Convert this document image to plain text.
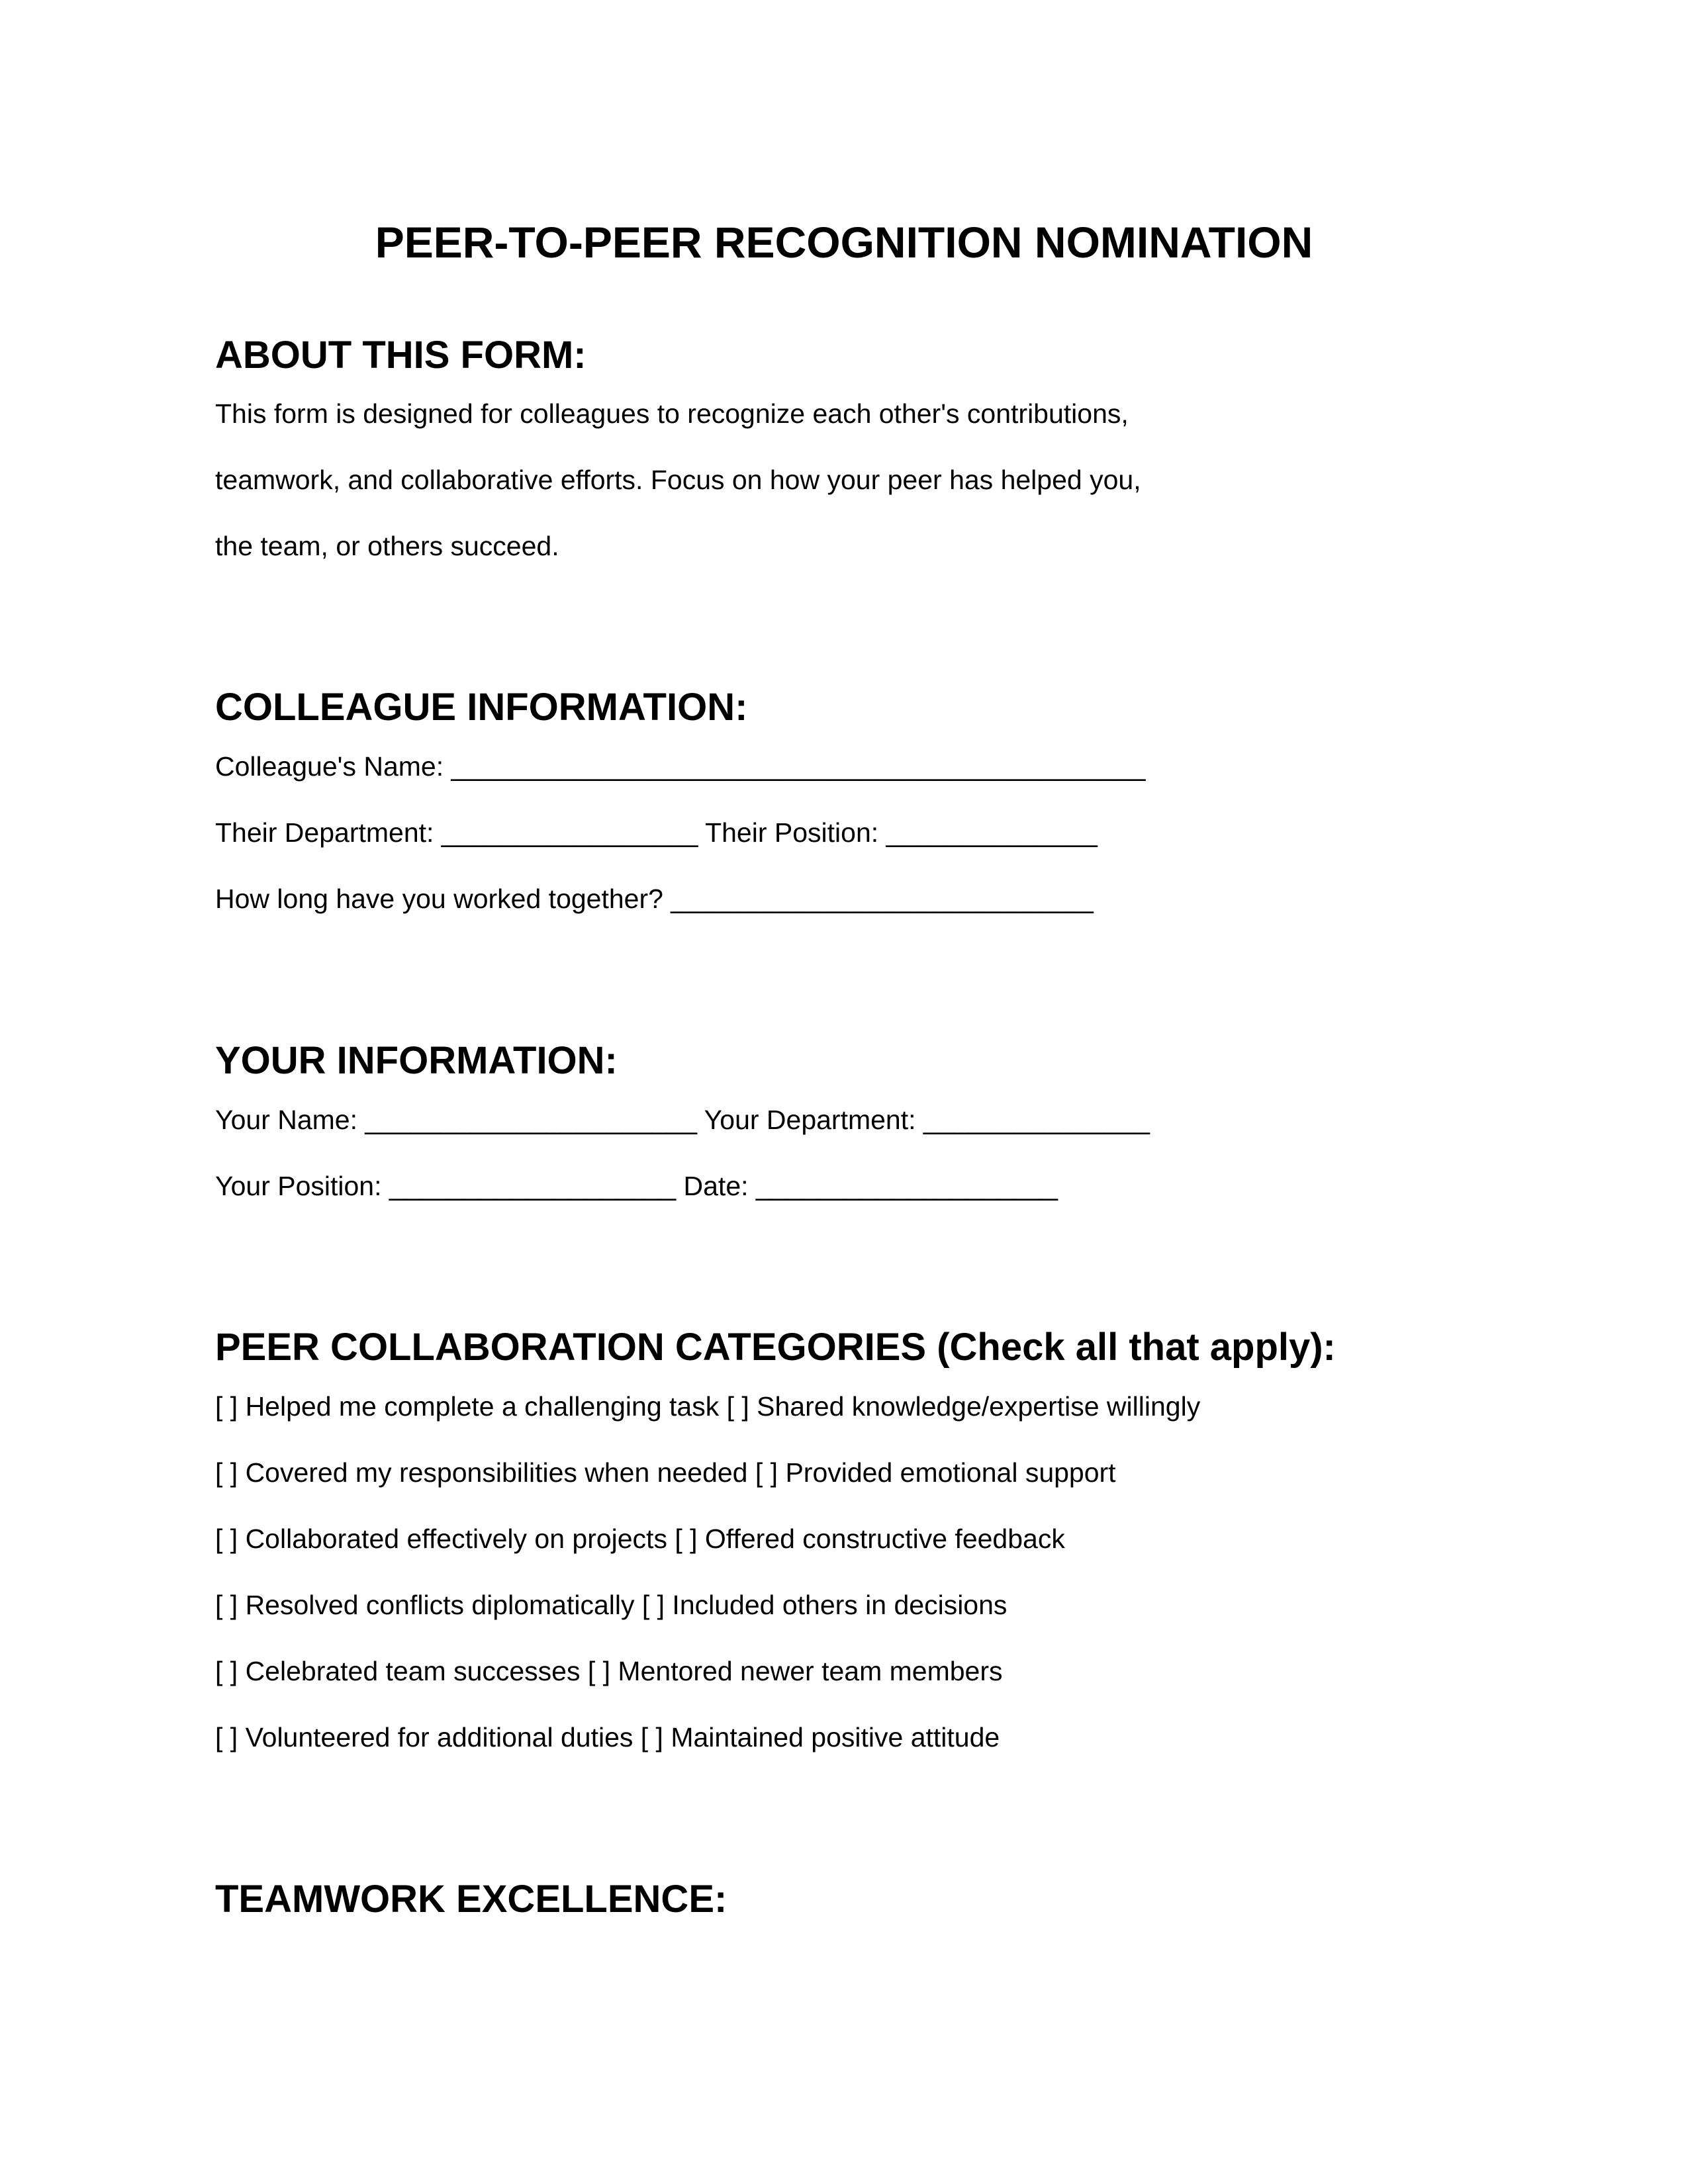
PEER-TO-PEER RECOGNITION NOMINATION
ABOUT THIS FORM:
This form is designed for colleagues to recognize each other's contributions,
teamwork, and collaborative efforts. Focus on how your peer has helped you,
the team, or others succeed.
COLLEAGUE INFORMATION:
Colleague's Name: ______________________________________________
Their Department: _________________ Their Position: ______________
How long have you worked together? ____________________________
YOUR INFORMATION:
Your Name: ______________________ Your Department: _______________
Your Position: ___________________ Date: ____________________
PEER COLLABORATION CATEGORIES (Check all that apply):
[ ] Helped me complete a challenging task [ ] Shared knowledge/expertise willingly
[ ] Covered my responsibilities when needed [ ] Provided emotional support
[ ] Collaborated effectively on projects [ ] Offered constructive feedback
[ ] Resolved conflicts diplomatically [ ] Included others in decisions
[ ] Celebrated team successes [ ] Mentored newer team members
[ ] Volunteered for additional duties [ ] Maintained positive attitude
TEAMWORK EXCELLENCE:
